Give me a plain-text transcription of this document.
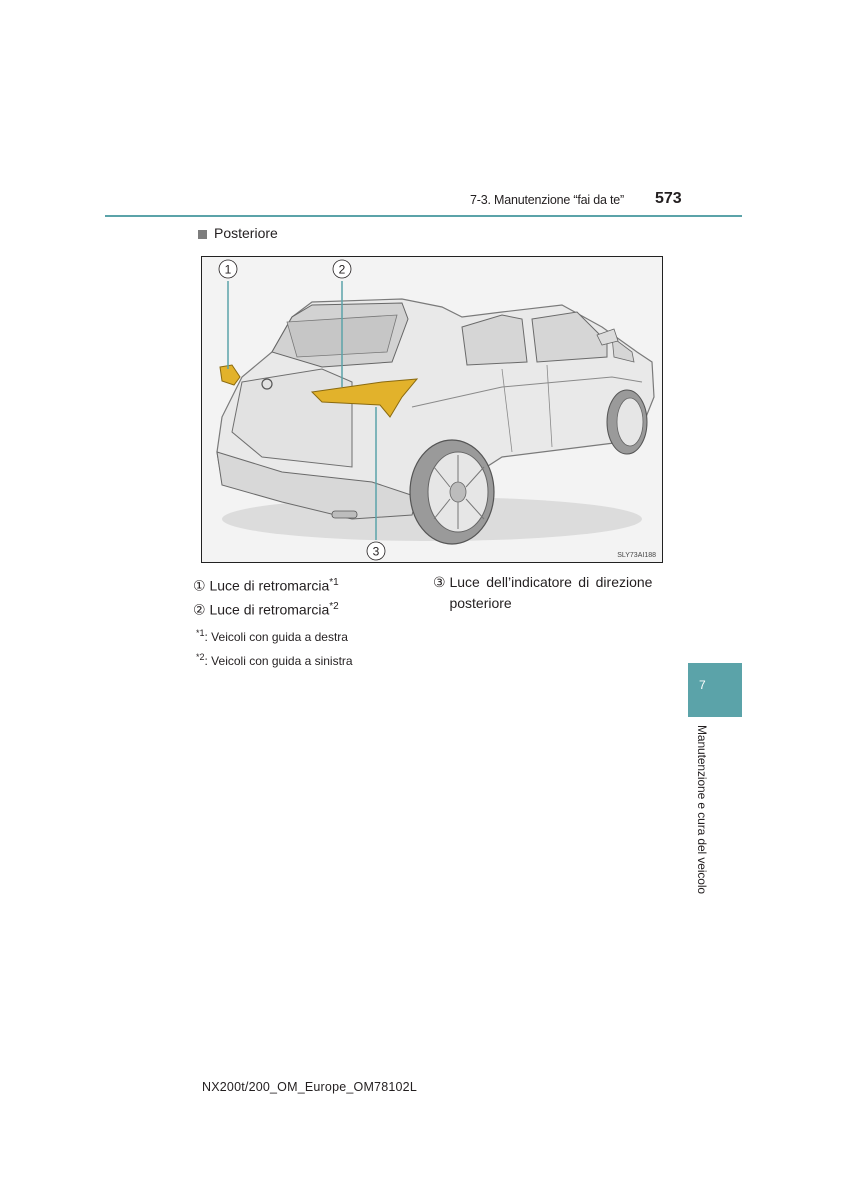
7-3. Manutenzione “fai da te” 573
Posteriore
1	2
3	SLY73AI188
① Luce di retromarcia$^{*1}$
② Luce di retromarcia$^{*2}$
③ Luce dell’indicatore di direzione
posteriore
$^{*1}$: Veicoli con guida a destra
$^{*2}$: Veicoli con guida a sinistra
7
Manutenzione e cura del veicolo
NX200t/200_OM_Europe_OM78102L
